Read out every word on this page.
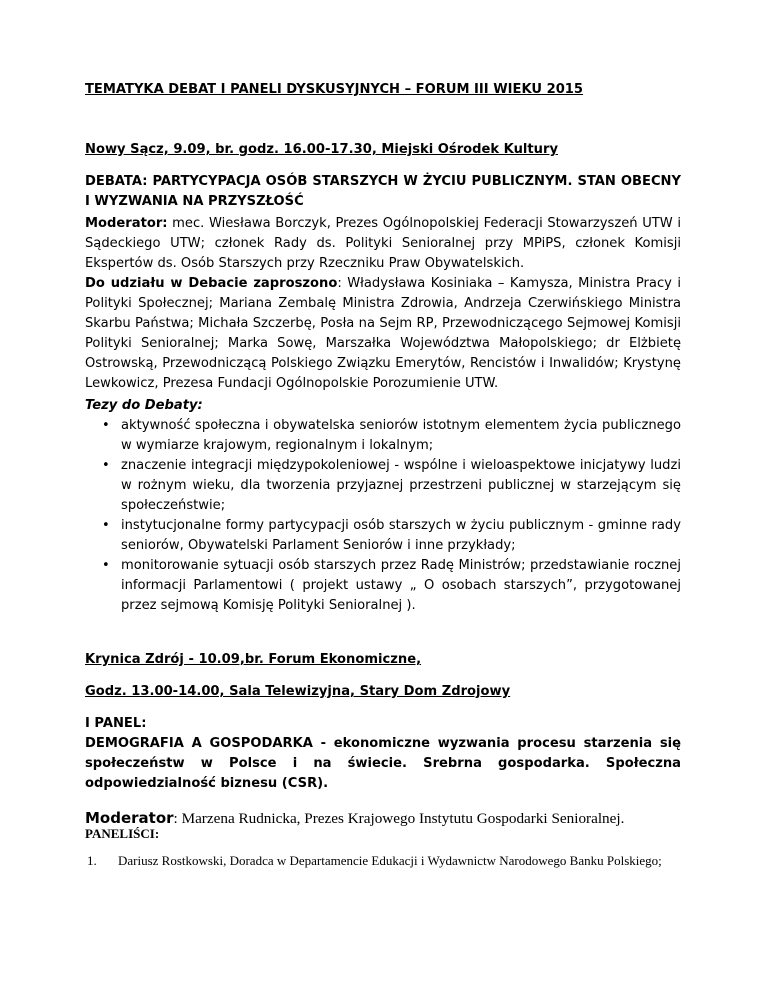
TEMATYKA DEBAT I PANELI DYSKUSYJNYCH – FORUM III WIEKU 2015

Nowy Sącz, 9.09, br. godz. 16.00-17.30, Miejski Ośrodek Kultury

DEBATA: PARTYCYPACJA OSÓB STARSZYCH W ŻYCIU PUBLICZNYM. STAN OBECNY I WYZWANIA NA PRZYSZŁOŚĆ

Moderator: mec. Wiesława Borczyk, Prezes Ogólnopolskiej Federacji Stowarzyszeń UTW i Sądeckiego UTW; członek Rady ds. Polityki Senioralnej przy MPiPS, członek Komisji Ekspertów ds. Osób Starszych przy Rzeczniku Praw Obywatelskich.

Do udziału w Debacie zaproszono: Władysława Kosiniaka – Kamysza, Ministra Pracy i Polityki Społecznej; Mariana Zembalę Ministra Zdrowia, Andrzeja Czerwińskiego Ministra Skarbu Państwa; Michała Szczerbę, Posła na Sejm RP, Przewodniczącego Sejmowej Komisji Polityki Senioralnej; Marka Sowę, Marszałka Województwa Małopolskiego; dr Elżbietę Ostrowską, Przewodniczącą Polskiego Związku Emerytów, Rencistów i Inwalidów; Krystynę Lewkowicz, Prezesa Fundacji Ogólnopolskie Porozumienie UTW.

Tezy do Debaty:

• aktywność społeczna i obywatelska seniorów istotnym elementem życia publicznego w wymiarze krajowym, regionalnym i lokalnym;
• znaczenie integracji międzypokoleniowej - wspólne i wieloaspektowe inicjatywy ludzi w rożnym wieku, dla tworzenia przyjaznej przestrzeni publicznej w starzejącym się społeczeństwie;
• instytucjonalne formy partycypacji osób starszych w życiu publicznym - gminne rady seniorów, Obywatelski Parlament Seniorów i inne przykłady;
• monitorowanie sytuacji osób starszych przez Radę Ministrów; przedstawianie rocznej informacji Parlamentowi ( projekt ustawy „ O osobach starszych”, przygotowanej przez sejmową Komisję Polityki Senioralnej ).

Krynica Zdrój - 10.09,br. Forum Ekonomiczne,

Godz. 13.00-14.00, Sala Telewizyjna, Stary Dom Zdrojowy

I PANEL:

DEMOGRAFIA A GOSPODARKA - ekonomiczne wyzwania procesu starzenia się społeczeństw w Polsce i na świecie. Srebrna gospodarka. Społeczna odpowiedzialność biznesu (CSR).

Moderator: Marzena Rudnicka, Prezes Krajowego Instytutu Gospodarki Senioralnej.

PANELIŚCI:

1. Dariusz Rostkowski, Doradca w Departamencie Edukacji i Wydawnictw Narodowego Banku Polskiego;
